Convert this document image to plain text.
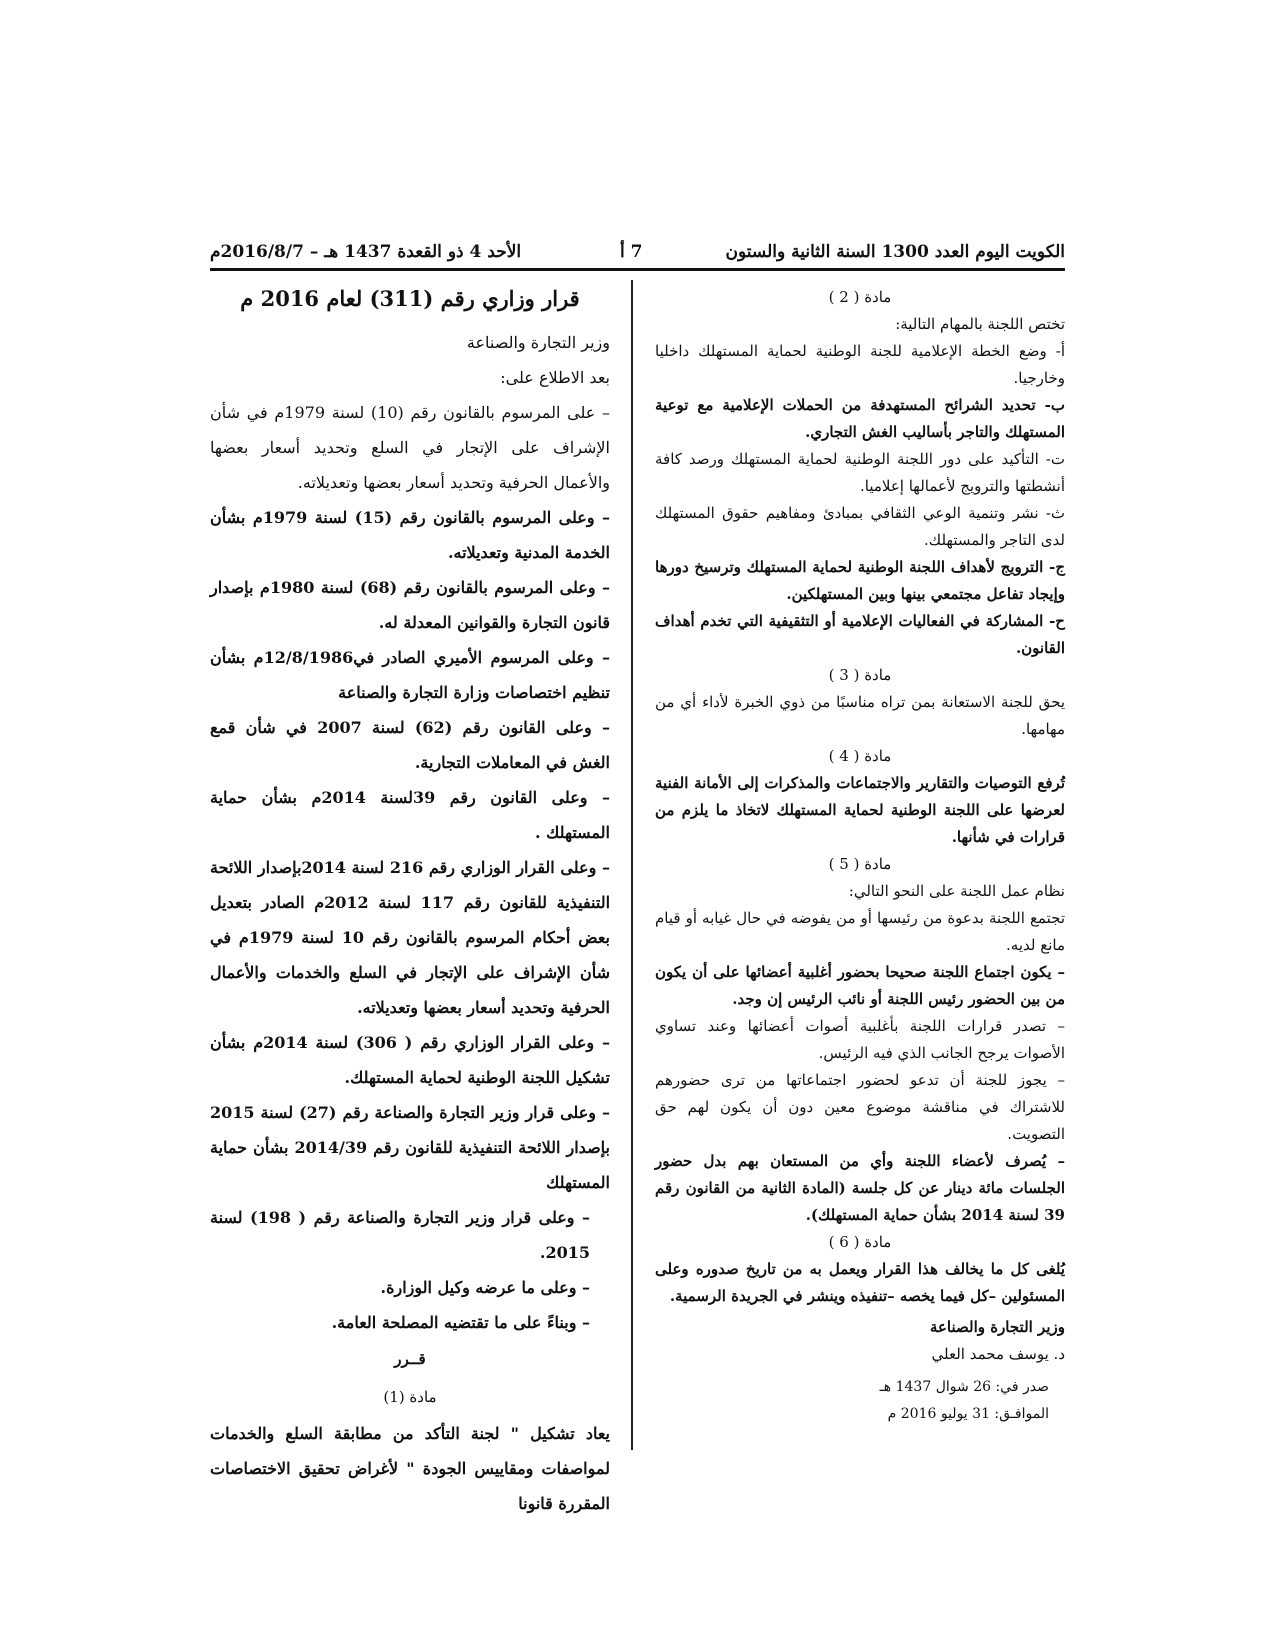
الكويت اليوم العدد 1300 السنة الثانية والستون
7 أ
الأحد 4 ذو القعدة 1437 هـ – 2016/8/7م
قرار وزاري رقم (311) لعام 2016 م

وزير التجارة والصناعة

بعد الاطلاع على:

– على المرسوم بالقانون رقم (10) لسنة 1979م في شأن الإشراف على الإتجار في السلع وتحديد أسعار بعضها والأعمال الحرفية وتحديد أسعار بعضها وتعديلاته.

– وعلى المرسوم بالقانون رقم (15) لسنة 1979م بشأن الخدمة المدنية وتعديلاته.

– وعلى المرسوم بالقانون رقم (68) لسنة 1980م بإصدار قانون التجارة والقوانين المعدلة له.

– وعلى المرسوم الأميري الصادر في12/8/1986م بشأن تنظيم اختصاصات وزارة التجارة والصناعة

– وعلى القانون رقم (62) لسنة 2007 في شأن قمع الغش في المعاملات التجارية.

– وعلى القانون رقم 39لسنة 2014م بشأن حماية المستهلك .

– وعلى القرار الوزاري رقم 216 لسنة 2014بإصدار اللائحة التنفيذية للقانون رقم 117 لسنة 2012م الصادر بتعديل بعض أحكام المرسوم بالقانون رقم 10 لسنة 1979م في شأن الإشراف على الإتجار في السلع والخدمات والأعمال الحرفية وتحديد أسعار بعضها وتعديلاته.

– وعلى القرار الوزاري رقم ( 306) لسنة 2014م بشأن تشكيل اللجنة الوطنية لحماية المستهلك.

– وعلى قرار وزير التجارة والصناعة رقم (27) لسنة 2015 بإصدار اللائحة التنفيذية للقانون رقم 2014/39 بشأن حماية المستهلك

– وعلى قرار وزير التجارة والصناعة رقم ( 198) لسنة 2015.

– وعلى ما عرضه وكيل الوزارة.

– وبناءً على ما تقتضيه المصلحة العامة.

قــرر

مادة (1)

يعاد تشكيل " لجنة التأكد من مطابقة السلع والخدمات لمواصفات ومقاييس الجودة " لأغراض تحقيق الاختصاصات المقررة قانونا

مادة ( 2 )

تختص اللجنة بالمهام التالية:

أ- وضع الخطة الإعلامية للجنة الوطنية لحماية المستهلك داخليا وخارجيا.

ب- تحديد الشرائح المستهدفة من الحملات الإعلامية مع توعية المستهلك والتاجر بأساليب الغش التجاري.

ت- التأكيد على دور اللجنة الوطنية لحماية المستهلك ورصد كافة أنشطتها والترويج لأعمالها إعلاميا.

ث- نشر وتنمية الوعي الثقافي بمبادئ ومفاهيم حقوق المستهلك لدى التاجر والمستهلك.

ج- الترويج لأهداف اللجنة الوطنية لحماية المستهلك وترسيخ دورها وإيجاد تفاعل مجتمعي بينها وبين المستهلكين.

ح- المشاركة في الفعاليات الإعلامية أو التثقيفية التي تخدم أهداف القانون.

مادة ( 3 )

يحق للجنة الاستعانة بمن تراه مناسبًا من ذوي الخبرة لأداء أي من مهامها.

مادة ( 4 )

تُرفع التوصيات والتقارير والاجتماعات والمذكرات إلى الأمانة الفنية لعرضها على اللجنة الوطنية لحماية المستهلك لاتخاذ ما يلزم من قرارات في شأنها.

مادة ( 5 )

نظام عمل اللجنة على النحو التالي:

تجتمع اللجنة بدعوة من رئيسها أو من يفوضه في حال غيابه أو قيام مانع لديه.

– يكون اجتماع اللجنة صحيحا بحضور أغلبية أعضائها على أن يكون من بين الحضور رئيس اللجنة أو نائب الرئيس إن وجد.

– تصدر قرارات اللجنة بأغلبية أصوات أعضائها وعند تساوي الأصوات يرجح الجانب الذي فيه الرئيس.

– يجوز للجنة أن تدعو لحضور اجتماعاتها من ترى حضورهم للاشتراك في مناقشة موضوع معين دون أن يكون لهم حق التصويت.

– يُصرف لأعضاء اللجنة وأي من المستعان بهم بدل حضور الجلسات مائة دينار عن كل جلسة (المادة الثانية من القانون رقم 39 لسنة 2014 بشأن حماية المستهلك).

مادة ( 6 )

يُلغى كل ما يخالف هذا القرار ويعمل به من تاريخ صدوره وعلى المسئولين –كل فيما يخصه –تنفيذه وينشر في الجريدة الرسمية.

وزير التجارة والصناعة

د. يوسف محمد العلي

صدر في: 26 شوال 1437 هـ

الموافـق: 31 يوليو 2016 م
